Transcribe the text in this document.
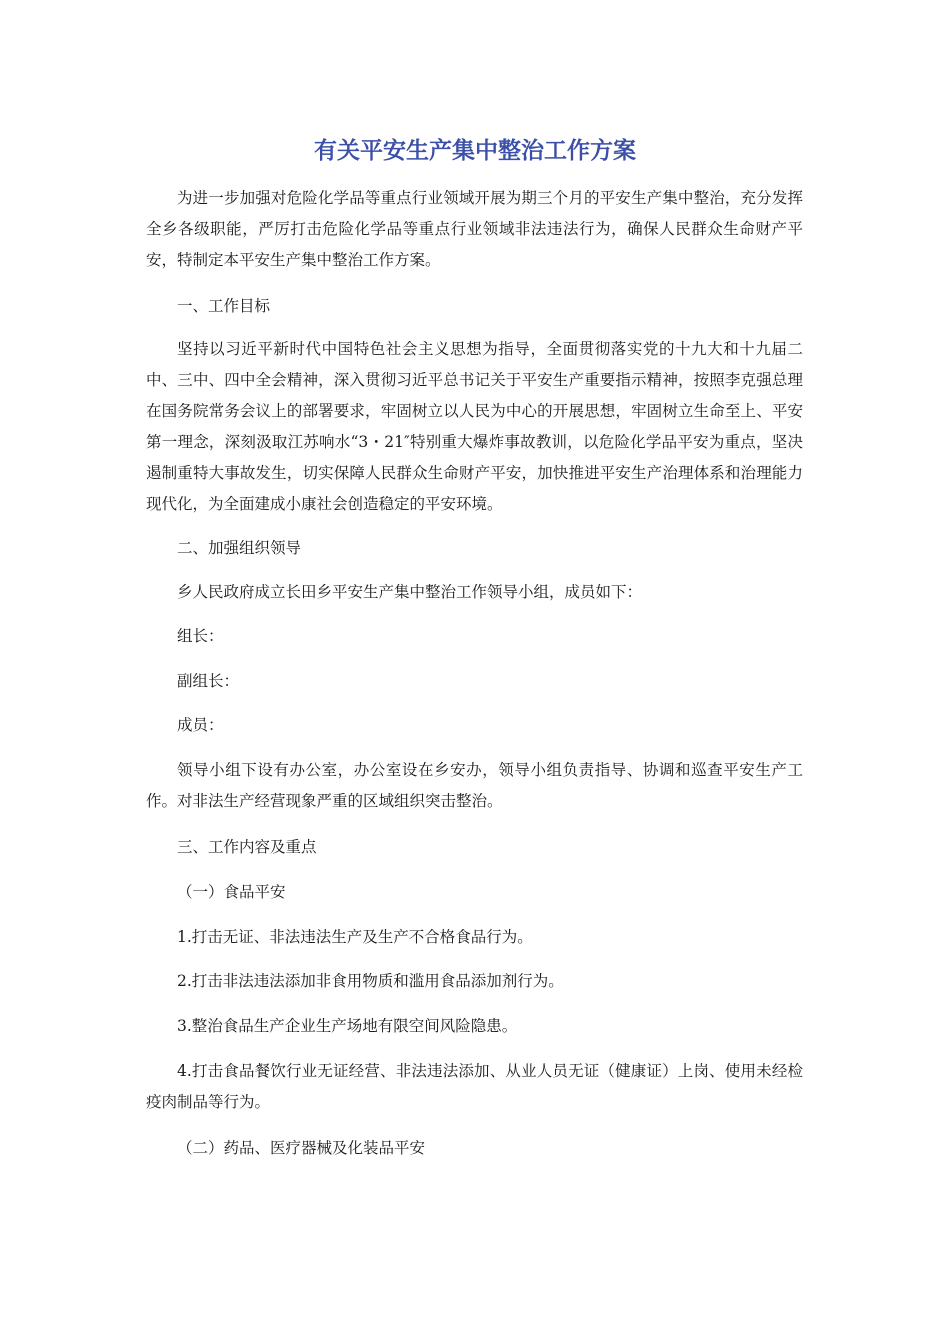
有关平安生产集中整治工作方案

为进一步加强对危险化学品等重点行业领域开展为期三个月的平安生产集中整治，充分发挥全乡各级职能，严厉打击危险化学品等重点行业领域非法违法行为，确保人民群众生命财产平安，特制定本平安生产集中整治工作方案。

一、工作目标

坚持以习近平新时代中国特色社会主义思想为指导，全面贯彻落实党的十九大和十九届二中、三中、四中全会精神，深入贯彻习近平总书记关于平安生产重要指示精神，按照李克强总理在国务院常务会议上的部署要求，牢固树立以人民为中心的开展思想，牢固树立生命至上、平安第一理念，深刻汲取江苏响水“3・21″特别重大爆炸事故教训，以危险化学品平安为重点，坚决遏制重特大事故发生，切实保障人民群众生命财产平安，加快推进平安生产治理体系和治理能力现代化，为全面建成小康社会创造稳定的平安环境。

二、加强组织领导

乡人民政府成立长田乡平安生产集中整治工作领导小组，成员如下：

组长：

副组长：

成员：

领导小组下设有办公室，办公室设在乡安办，领导小组负责指导、协调和巡查平安生产工作。对非法生产经营现象严重的区域组织突击整治。

三、工作内容及重点

（一）食品平安

1.打击无证、非法违法生产及生产不合格食品行为。

2.打击非法违法添加非食用物质和滥用食品添加剂行为。

3.整治食品生产企业生产场地有限空间风险隐患。

4.打击食品餐饮行业无证经营、非法违法添加、从业人员无证（健康证）上岗、使用未经检疫肉制品等行为。

（二）药品、医疗器械及化装品平安
